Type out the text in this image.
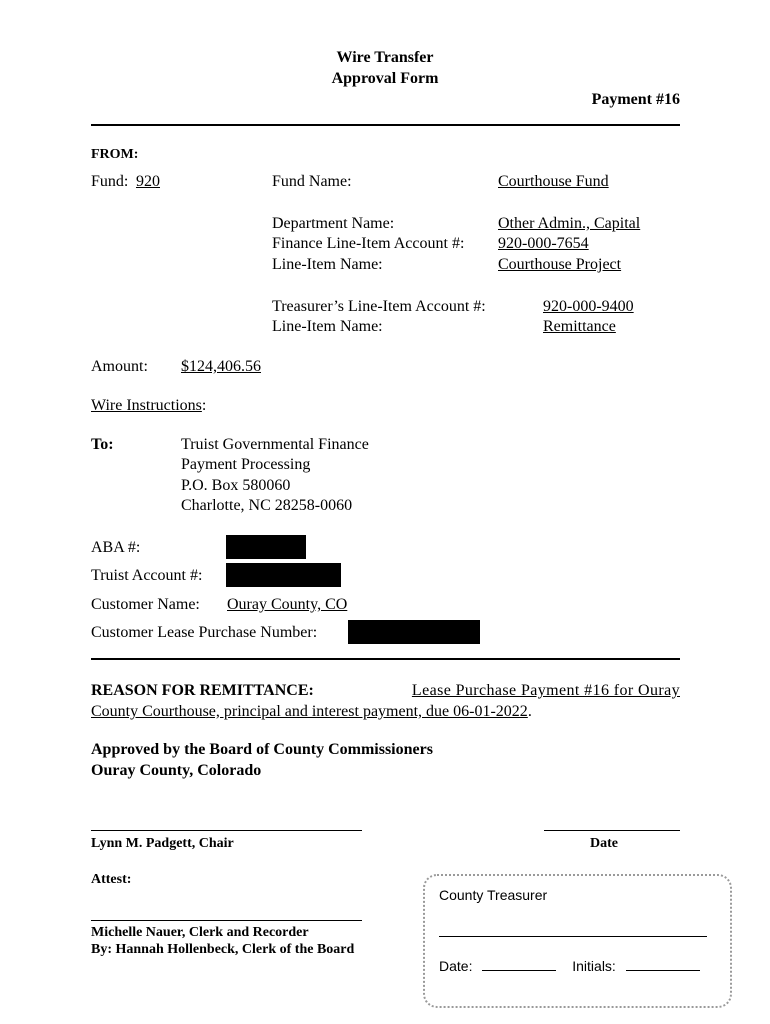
Wire Transfer
Approval Form
Payment #16
FROM:
Fund: 920	Fund Name:	Courthouse Fund
Department Name:	Other Admin., Capital
Finance Line-Item Account #: 920-000-7654
Line-Item Name:	Courthouse Project
Treasurer’s Line-Item Account #:	920-000-9400
Line-Item Name:	Remittance
Amount: $124,406.56
Wire Instructions:
To:	Truist Governmental Finance
Payment Processing
P.O. Box 580060
Charlotte, NC 28258-0060
ABA #:
Truist Account #:
Customer Name: Ouray County, CO
Customer Lease Purchase Number:
REASON FOR REMITTANCE:	Lease Purchase Payment #16 for Ouray
County Courthouse, principal and interest payment, due 06-01-2022.
Approved by the Board of County Commissioners
Ouray County, Colorado
Lynn M. Padgett, Chair	Date
Attest:
Michelle Nauer, Clerk and Recorder
By: Hannah Hollenbeck, Clerk of the Board
County Treasurer
Date:	Initials:
